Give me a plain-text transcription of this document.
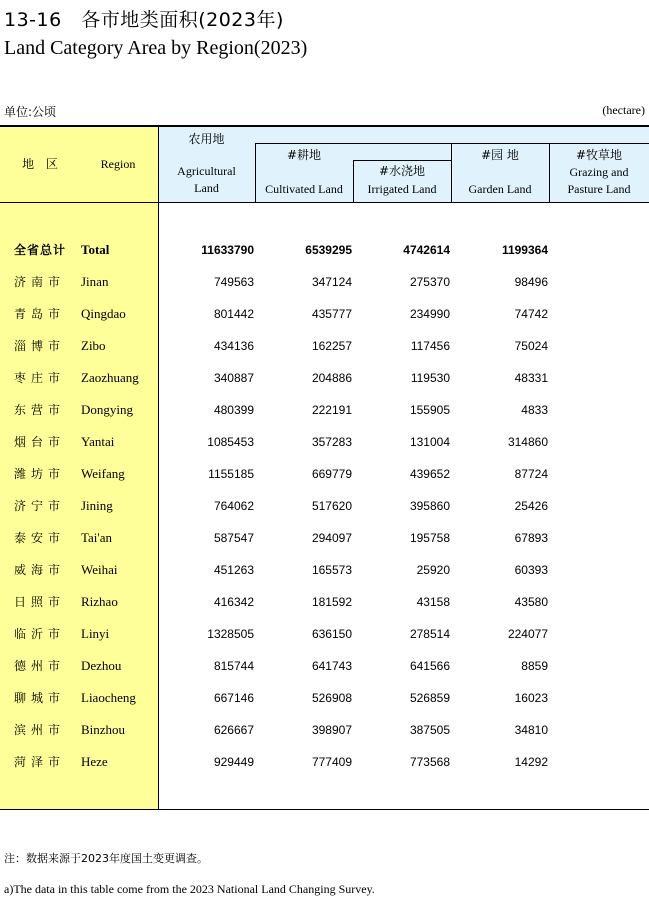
13-16　各市地类面积(2023年)
Land Category Area by Region(2023)
单位:公顷	(hectare)
地 区	Region
农用地
Agricultural
Land
#耕地
Cultivated Land
#水浇地
Irrigated Land
#园 地
Garden Land
#牧草地
Grazing and
Pasture Land
全省总计	Total	11633790	6539295	4742614	1199364
济南市	Jinan	749563	347124	275370	98496
青岛市	Qingdao	801442	435777	234990	74742
淄博市	Zibo	434136	162257	117456	75024
枣庄市	Zaozhuang	340887	204886	119530	48331
东营市	Dongying	480399	222191	155905	4833
烟台市	Yantai	1085453	357283	131004	314860
潍坊市	Weifang	1155185	669779	439652	87724
济宁市	Jining	764062	517620	395860	25426
泰安市	Tai'an	587547	294097	195758	67893
威海市	Weihai	451263	165573	25920	60393
日照市	Rizhao	416342	181592	43158	43580
临沂市	Linyi	1328505	636150	278514	224077
德州市	Dezhou	815744	641743	641566	8859
聊城市	Liaocheng	667146	526908	526859	16023
滨州市	Binzhou	626667	398907	387505	34810
菏泽市	Heze	929449	777409	773568	14292
注：数据来源于2023年度国土变更调查。
a)The data in this table come from the 2023 National Land Changing Survey.
